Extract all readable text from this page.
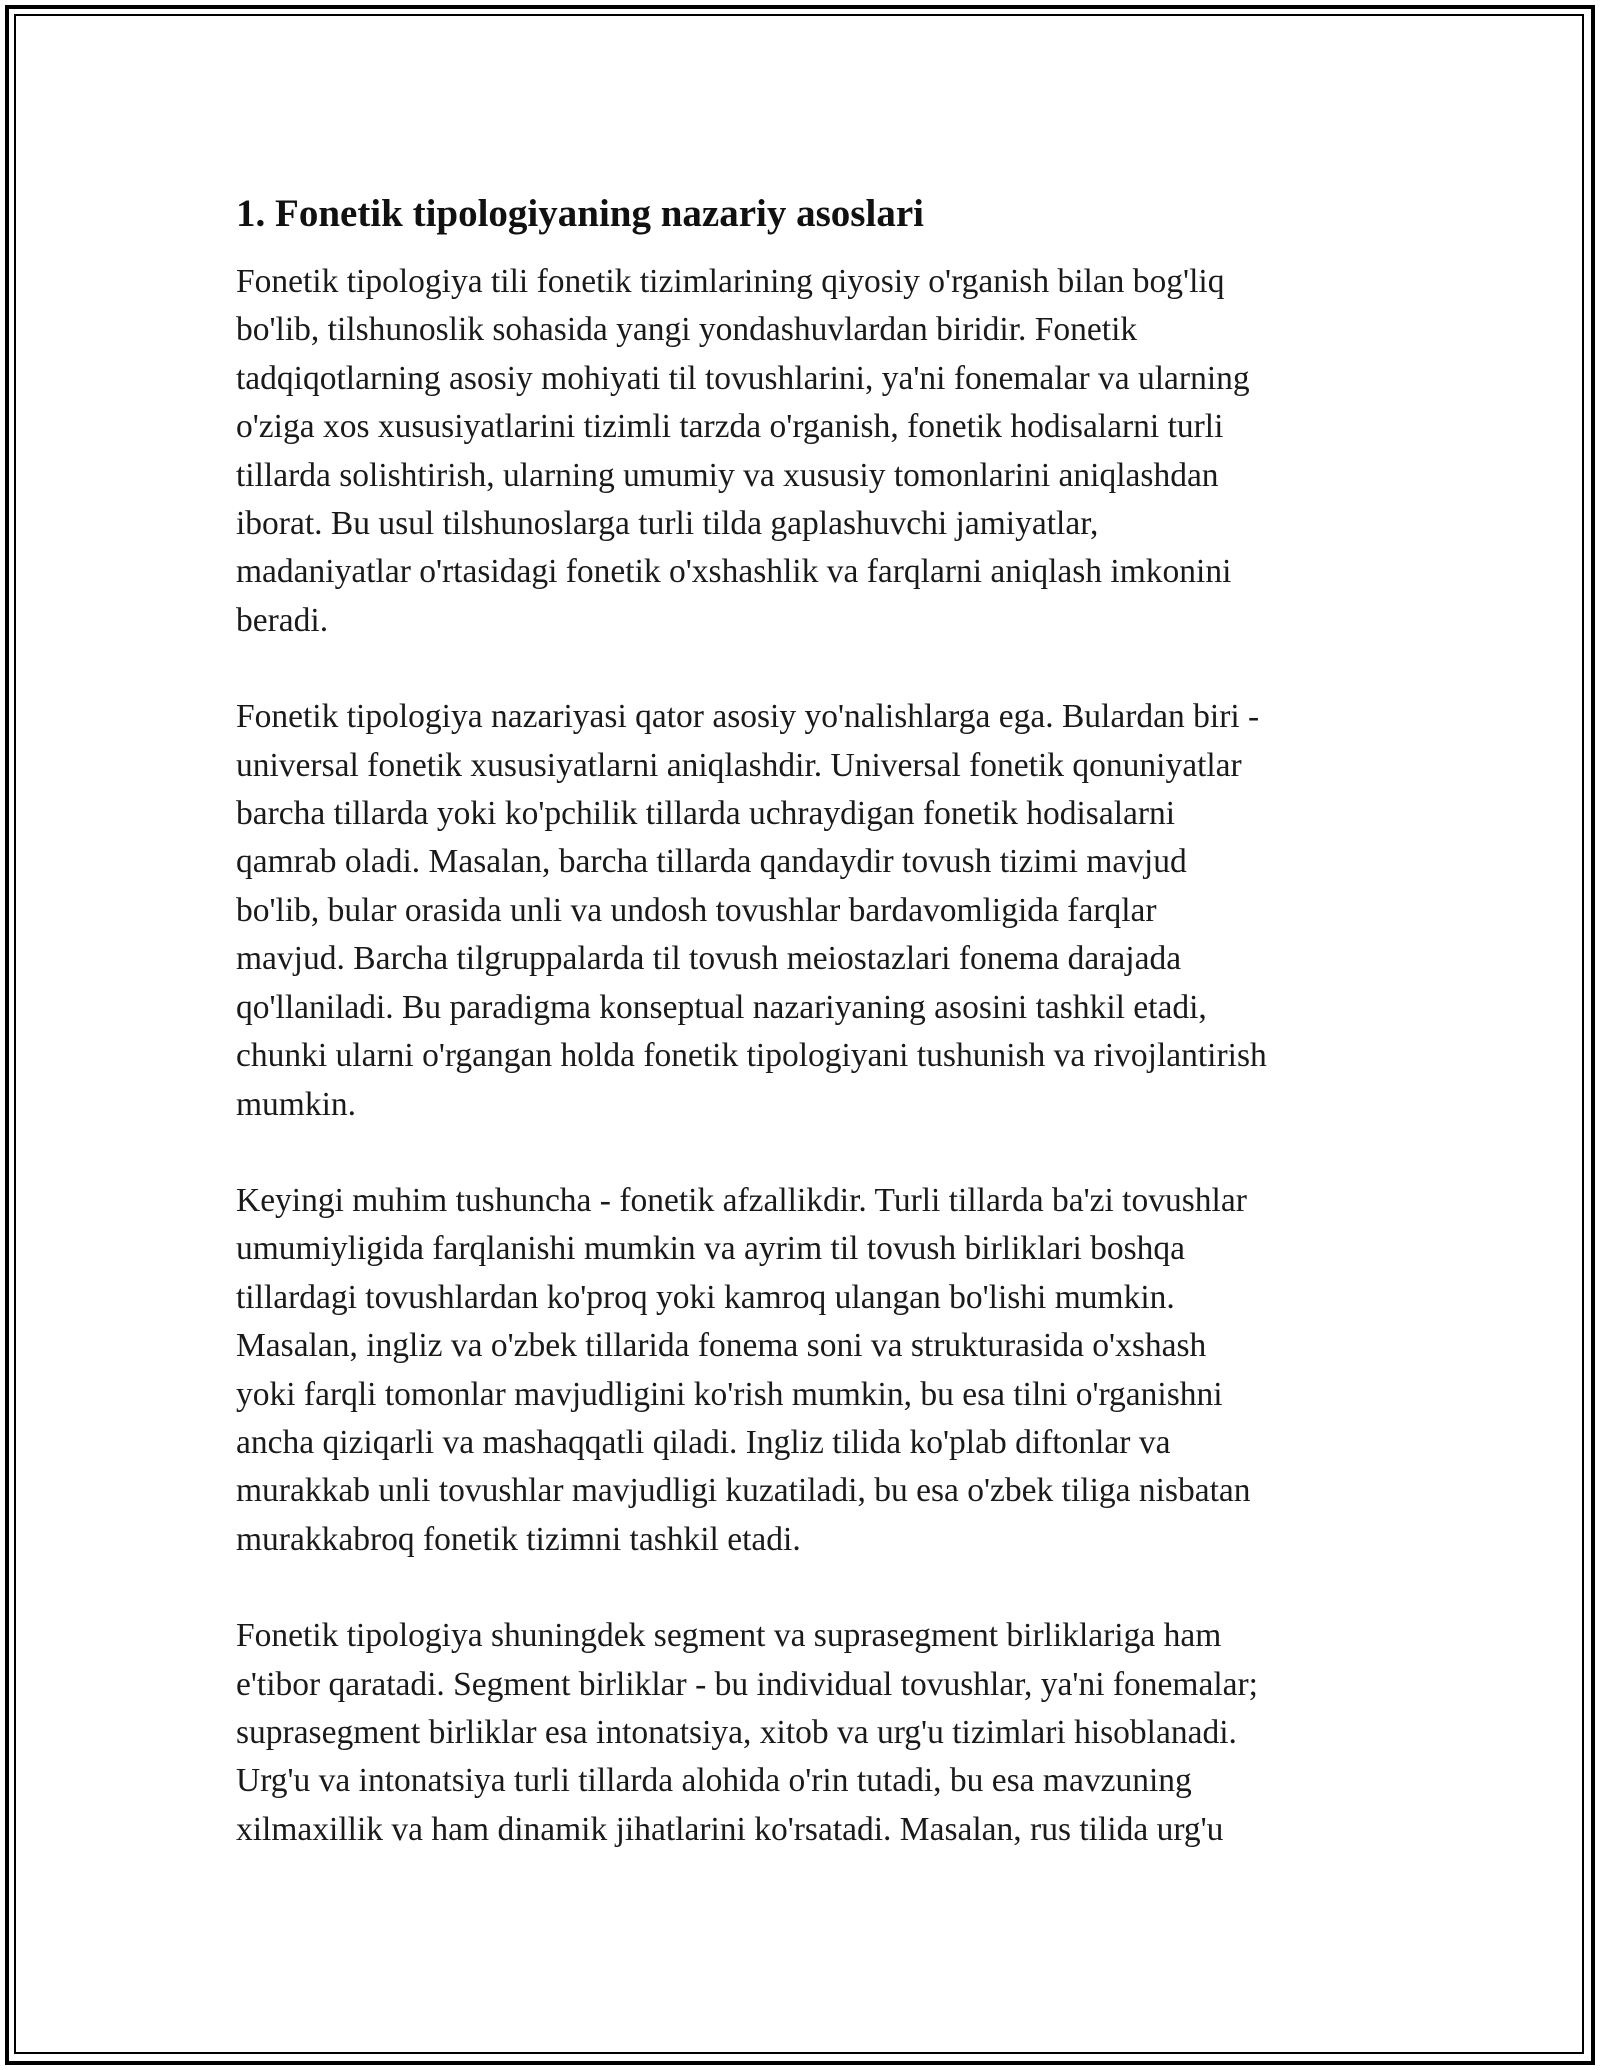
1. Fonetik tipologiyaning nazariy asoslari

Fonetik tipologiya tili fonetik tizimlarining qiyosiy o'rganish bilan bog'liq
bo'lib, tilshunoslik sohasida yangi yondashuvlardan biridir. Fonetik
tadqiqotlarning asosiy mohiyati til tovushlarini, ya'ni fonemalar va ularning
o'ziga xos xususiyatlarini tizimli tarzda o'rganish, fonetik hodisalarni turli
tillarda solishtirish, ularning umumiy va xususiy tomonlarini aniqlashdan
iborat. Bu usul tilshunoslarga turli tilda gaplashuvchi jamiyatlar,
madaniyatlar o'rtasidagi fonetik o'xshashlik va farqlarni aniqlash imkonini
beradi.

Fonetik tipologiya nazariyasi qator asosiy yo'nalishlarga ega. Bulardan biri -
universal fonetik xususiyatlarni aniqlashdir. Universal fonetik qonuniyatlar
barcha tillarda yoki ko'pchilik tillarda uchraydigan fonetik hodisalarni
qamrab oladi. Masalan, barcha tillarda qandaydir tovush tizimi mavjud
bo'lib, bular orasida unli va undosh tovushlar bardavomligida farqlar
mavjud. Barcha tilgruppalarda til tovush meiostazlari fonema darajada
qo'llaniladi. Bu paradigma konseptual nazariyaning asosini tashkil etadi,
chunki ularni o'rgangan holda fonetik tipologiyani tushunish va rivojlantirish
mumkin.

Keyingi muhim tushuncha - fonetik afzallikdir. Turli tillarda ba'zi tovushlar
umumiyligida farqlanishi mumkin va ayrim til tovush birliklari boshqa
tillardagi tovushlardan ko'proq yoki kamroq ulangan bo'lishi mumkin.
Masalan, ingliz va o'zbek tillarida fonema soni va strukturasida o'xshash
yoki farqli tomonlar mavjudligini ko'rish mumkin, bu esa tilni o'rganishni
ancha qiziqarli va mashaqqatli qiladi. Ingliz tilida ko'plab diftonlar va
murakkab unli tovushlar mavjudligi kuzatiladi, bu esa o'zbek tiliga nisbatan
murakkabroq fonetik tizimni tashkil etadi.

Fonetik tipologiya shuningdek segment va suprasegment birliklariga ham
e'tibor qaratadi. Segment birliklar - bu individual tovushlar, ya'ni fonemalar;
suprasegment birliklar esa intonatsiya, xitob va urg'u tizimlari hisoblanadi.
Urg'u va intonatsiya turli tillarda alohida o'rin tutadi, bu esa mavzuning
xilmaxillik va ham dinamik jihatlarini ko'rsatadi. Masalan, rus tilida urg'u
